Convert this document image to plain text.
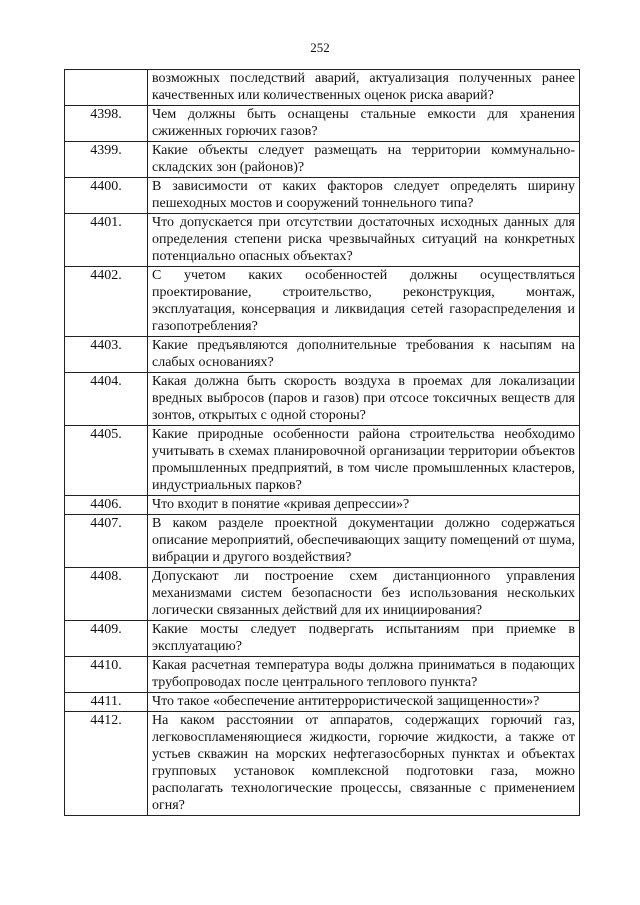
252
	возможных последствий аварий, актуализация полученных ранее качественных или количественных оценок риска аварий?
4398.	Чем должны быть оснащены стальные емкости для хранения сжиженных горючих газов?
4399.	Какие объекты следует размещать на территории коммунально-складских зон (районов)?
4400.	В зависимости от каких факторов следует определять ширину пешеходных мостов и сооружений тоннельного типа?
4401.	Что допускается при отсутствии достаточных исходных данных для определения степени риска чрезвычайных ситуаций на конкретных потенциально опасных объектах?
4402.	С учетом каких особенностей должны осуществляться проектирование, строительство, реконструкция, монтаж, эксплуатация, консервация и ликвидация сетей газораспределения и газопотребления?
4403.	Какие предъявляются дополнительные требования к насыпям на слабых основаниях?
4404.	Какая должна быть скорость воздуха в проемах для локализации вредных выбросов (паров и газов) при отсосе токсичных веществ для зонтов, открытых с одной стороны?
4405.	Какие природные особенности района строительства необходимо учитывать в схемах планировочной организации территории объектов промышленных предприятий, в том числе промышленных кластеров, индустриальных парков?
4406.	Что входит в понятие «кривая депрессии»?
4407.	В каком разделе проектной документации должно содержаться описание мероприятий, обеспечивающих защиту помещений от шума, вибрации и другого воздействия?
4408.	Допускают ли построение схем дистанционного управления механизмами систем безопасности без использования нескольких логически связанных действий для их инициирования?
4409.	Какие мосты следует подвергать испытаниям при приемке в эксплуатацию?
4410.	Какая расчетная температура воды должна приниматься в подающих трубопроводах после центрального теплового пункта?
4411.	Что такое «обеспечение антитеррористической защищенности»?
4412.	На каком расстоянии от аппаратов, содержащих горючий газ, легковоспламеняющиеся жидкости, горючие жидкости, а также от устьев скважин на морских нефтегазосборных пунктах и объектах групповых установок комплексной подготовки газа, можно располагать технологические процессы, связанные с применением огня?
